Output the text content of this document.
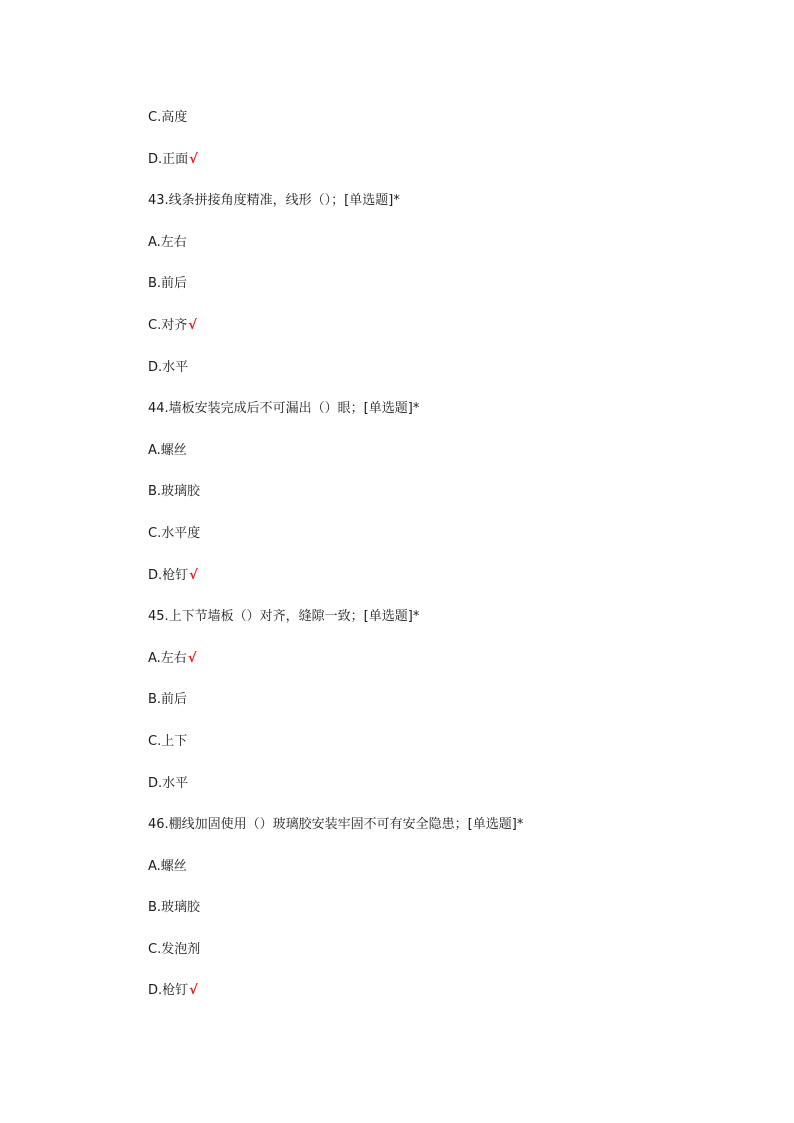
C.高度
D.正面√
43.线条拼接角度精准，线形（）；[单选题]*
A.左右
B.前后
C.对齐√
D.水平
44.墙板安装完成后不可漏出（）眼；[单选题]*
A.螺丝
B.玻璃胶
C.水平度
D.枪钉√
45.上下节墙板（）对齐，缝隙一致；[单选题]*
A.左右√
B.前后
C.上下
D.水平
46.棚线加固使用（）玻璃胶安装牢固不可有安全隐患；[单选题]*
A.螺丝
B.玻璃胶
C.发泡剂
D.枪钉√
